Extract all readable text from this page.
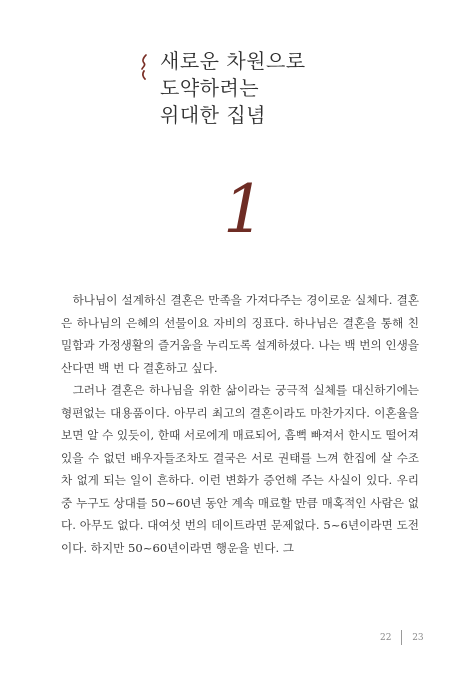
새로운 차원으로
도약하려는
위대한 집념
1

하나님이 설계하신 결혼은 만족을 가져다주는 경이로운 실체다. 결혼은 하나님의 은혜의 선물이요 자비의 징표다. 하나님은 결혼을 통해 친밀함과 가정생활의 즐거움을 누리도록 설계하셨다. 나는 백 번의 인생을 산다면 백 번 다 결혼하고 싶다.

그러나 결혼은 하나님을 위한 삶이라는 궁극적 실체를 대신하기에는 형편없는 대용품이다. 아무리 최고의 결혼이라도 마찬가지다. 이혼율을 보면 알 수 있듯이, 한때 서로에게 매료되어, 흠뻑 빠져서 한시도 떨어져 있을 수 없던 배우자들조차도 결국은 서로 권태를 느껴 한집에 살 수조차 없게 되는 일이 흔하다. 이런 변화가 증언해 주는 사실이 있다. 우리 중 누구도 상대를 50~60년 동안 계속 매료할 만큼 매혹적인 사람은 없다. 아무도 없다. 대여섯 번의 데이트라면 문제없다. 5~6년이라면 도전이다. 하지만 50~60년이라면 행운을 빈다. 그

22 23
